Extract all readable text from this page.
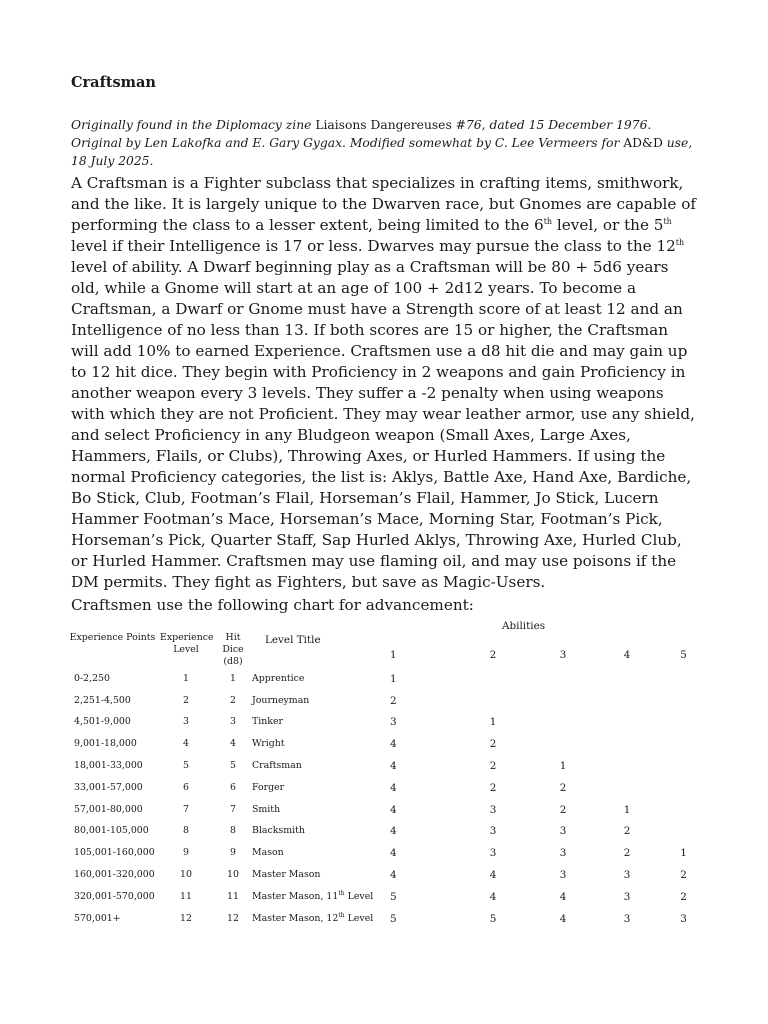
Craftsman

Originally found in the Diplomacy zine Liaisons Dangereuses #76, dated 15 December 1976. Original by Len Lakofka and E. Gary Gygax. Modified somewhat by C. Lee Vermeers for AD&D use, 18 July 2025.

A Craftsman is a Fighter subclass that specializes in crafting items, smithwork, and the like. It is largely unique to the Dwarven race, but Gnomes are capable of performing the class to a lesser extent, being limited to the 6th level, or the 5th level if their Intelligence is 17 or less. Dwarves may pursue the class to the 12th level of ability. A Dwarf beginning play as a Craftsman will be 80 + 5d6 years old, while a Gnome will start at an age of 100 + 2d12 years. To become a Craftsman, a Dwarf or Gnome must have a Strength score of at least 12 and an Intelligence of no less than 13. If both scores are 15 or higher, the Craftsman will add 10% to earned Experience. Craftsmen use a d8 hit die and may gain up to 12 hit dice. They begin with Proficiency in 2 weapons and gain Proficiency in another weapon every 3 levels. They suffer a -2 penalty when using weapons with which they are not Proficient. They may wear leather armor, use any shield, and select Proficiency in any Bludgeon weapon (Small Axes, Large Axes, Hammers, Flails, or Clubs), Throwing Axes, or Hurled Hammers. If using the normal Proficiency categories, the list is: Aklys, Battle Axe, Hand Axe, Bardiche, Bo Stick, Club, Footman’s Flail, Horseman’s Flail, Hammer, Jo Stick, Lucern Hammer Footman’s Mace, Horseman’s Mace, Morning Star, Footman’s Pick, Horseman’s Pick, Quarter Staff, Sap Hurled Aklys, Throwing Axe, Hurled Club, or Hurled Hammer. Craftsmen may use flaming oil, and may use poisons if the DM permits. They fight as Fighters, but save as Magic-Users.

Craftsmen use the following chart for advancement:

Experience Points	Experience Level	Hit Dice (d8)	Level Title	Abilities				
				1	2	3	4	5
0-2,250	1	1	Apprentice	1				
2,251-4,500	2	2	Journeyman	2				
4,501-9,000	3	3	Tinker	3	1			
9,001-18,000	4	4	Wright	4	2			
18,001-33,000	5	5	Craftsman	4	2	1		
33,001-57,000	6	6	Forger	4	2	2		
57,001-80,000	7	7	Smith	4	3	2	1	
80,001-105,000	8	8	Blacksmith	4	3	3	2	
105,001-160,000	9	9	Mason	4	3	3	2	1
160,001-320,000	10	10	Master Mason	4	4	3	3	2
320,001-570,000	11	11	Master Mason, 11th Level	5	4	4	3	2
570,001+	12	12	Master Mason, 12th Level	5	5	4	3	3
